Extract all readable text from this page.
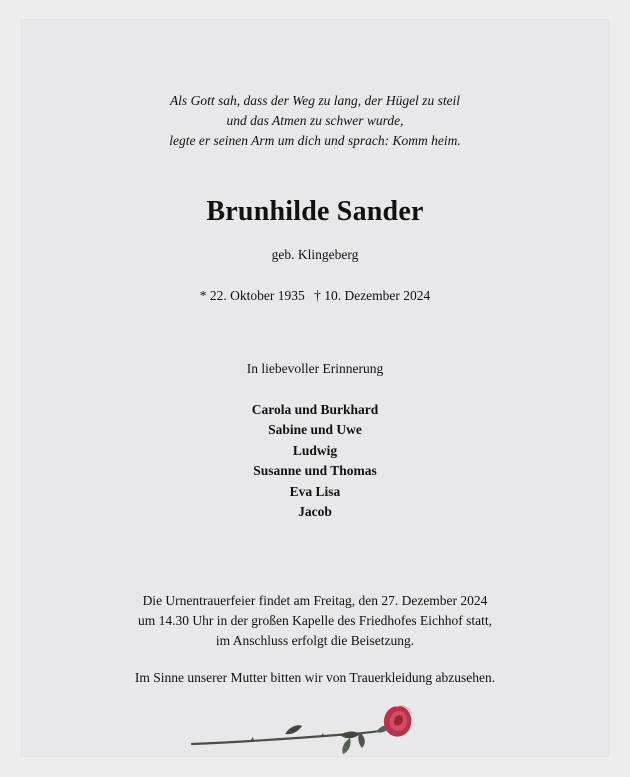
Als Gott sah, dass der Weg zu lang, der Hügel zu steil
und das Atmen zu schwer wurde,
legte er seinen Arm um dich und sprach: Komm heim.
Brunhilde Sander
geb. Klingeberg
* 22. Oktober 1935 † 10. Dezember 2024
In liebevoller Erinnerung
Carola und Burkhard
Sabine und Uwe
Ludwig
Susanne und Thomas
Eva Lisa
Jacob
Die Urnentrauerfeier findet am Freitag, den 27. Dezember 2024
um 14.30 Uhr in der großen Kapelle des Friedhofes Eichhof statt,
im Anschluss erfolgt die Beisetzung.
Im Sinne unserer Mutter bitten wir von Trauerkleidung abzusehen.
